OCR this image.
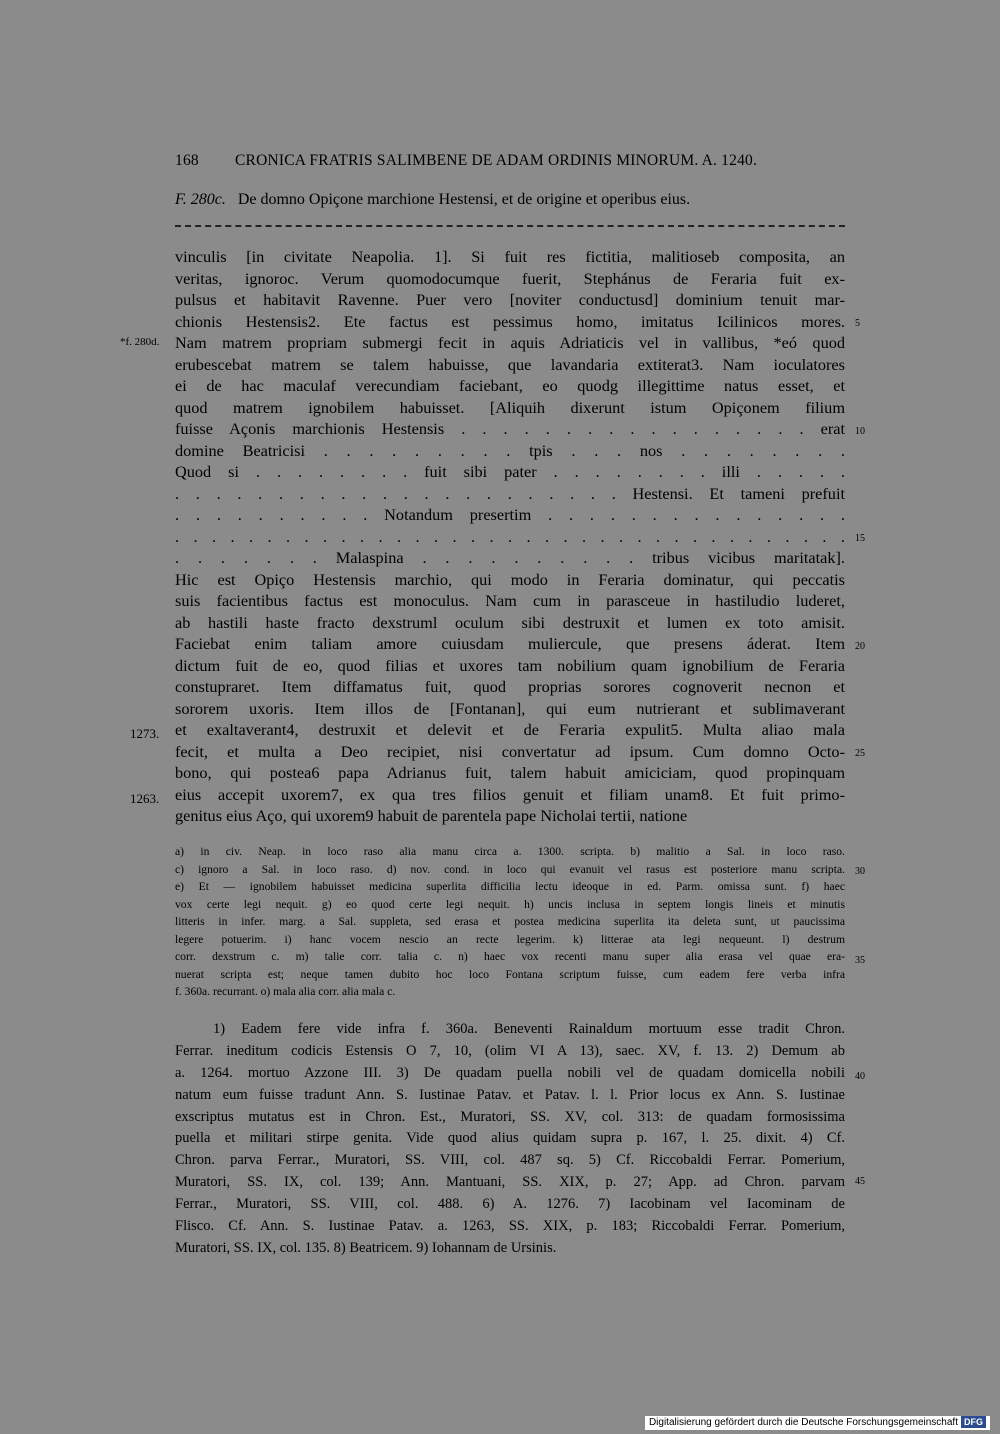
168 CRONICA FRATRIS SALIMBENE DE ADAM ORDINIS MINORUM. A. 1240.
F. 280c. De domno Opiçone marchione Hestensi, et de origine et operibus eius.
vinculis [in civitate Neapolia. 1]. Si fuit res fictitia, malitioseb composita, an
veritas, ignoroc. Verum quomodocumque fuerit, Stephánus de Feraria fuit ex-
pulsus et habitavit Ravenne. Puer vero [noviter conductusd] dominium tenuit mar-
chionis Hestensis2. Ete factus est pessimus homo, imitatus Icilinicos mores.
Nam matrem propriam submergi fecit in aquis Adriaticis vel in vallibus, *eó quod
erubescebat matrem se talem habuisse, que lavandaria extiterat3. Nam ioculatores
ei de hac maculaf verecundiam faciebant, eo quodg illegittime natus esset, et
quod matrem ignobilem habuisset. [Aliquih dixerunt istum Opiçonem filium
fuisse Açonis marchionis Hestensis . . . . . . . . . . . . . . . . . erat
domine Beatricisi . . . . . . . . . tpis . . . nos . . . . . . . .
Quod si . . . . . . . . fuit sibi pater . . . . . . . . illi . . . . .
. . . . . . . . . . . . . . . . . . . . . . Hestensi. Et tameni prefuit
. . . . . . . . . . Notandum presertim . . . . . . . . . . . . . . .
. . . . . . . . . . . . . . . . . . . . . . . . . . . . . . . . . . . . .
. . . . . . . Malaspina . . . . . . . . . . tribus vicibus maritatak].
Hic est Opiço Hestensis marchio, qui modo in Feraria dominatur, qui peccatis
suis facientibus factus est monoculus. Nam cum in parasceue in hastiludio luderet,
ab hastili haste fracto dexstruml oculum sibi destruxit et lumen ex toto amisit.
Faciebat enim taliam amore cuiusdam muliercule, que presens áderat. Item
dictum fuit de eo, quod filias et uxores tam nobilium quam ignobilium de Feraria
constupraret. Item diffamatus fuit, quod proprias sorores cognoverit necnon et
sororem uxoris. Item illos de [Fontanan], qui eum nutrierant et sublimaverant
et exaltaverant4, destruxit et delevit et de Feraria expulit5. Multa aliao mala
fecit, et multa a Deo recipiet, nisi convertatur ad ipsum. Cum domno Octo-
bono, qui postea6 papa Adrianus fuit, talem habuit amiciciam, quod propinquam
eius accepit uxorem7, ex qua tres filios genuit et filiam unam8. Et fuit primo-
genitus eius Aço, qui uxorem9 habuit de parentela pape Nicholai tertii, natione
*f. 280d.
1273.
1263.
5
10
15
20
25
30
35
40
45
a) in civ. Neap. in loco raso alia manu circa a. 1300. scripta. b) malitio a Sal. in loco raso.
c) ignoro a Sal. in loco raso. d) nov. cond. in loco qui evanuit vel rasus est posteriore manu scripta.
e) Et — ignobilem habuisset medicina superlita difficilia lectu ideoque in ed. Parm. omissa sunt. f) haec
vox certe legi nequit. g) eo quod certe legi nequit. h) uncis inclusa in septem longis lineis et minutis
litteris in infer. marg. a Sal. suppleta, sed erasa et postea medicina superlita ita deleta sunt, ut paucissima
legere potuerim. i) hanc vocem nescio an recte legerim. k) litterae ata legi nequeunt. l) destrum
corr. dexstrum c. m) talie corr. talia c. n) haec vox recenti manu super alia erasa vel quae era-
nuerat scripta est; neque tamen dubito hoc loco Fontana scriptum fuisse, cum eadem fere verba infra
f. 360a. recurrant. o) mala alia corr. alia mala c.
1) Eadem fere vide infra f. 360a. Beneventi Rainaldum mortuum esse tradit Chron.
Ferrar. ineditum codicis Estensis O 7, 10, (olim VI A 13), saec. XV, f. 13. 2) Demum ab
a. 1264. mortuo Azzone III. 3) De quadam puella nobili vel de quadam domicella nobili
natum eum fuisse tradunt Ann. S. Iustinae Patav. et Patav. l. l. Prior locus ex Ann. S. Iustinae
exscriptus mutatus est in Chron. Est., Muratori, SS. XV, col. 313: de quadam formosissima
puella et militari stirpe genita. Vide quod alius quidam supra p. 167, l. 25. dixit. 4) Cf.
Chron. parva Ferrar., Muratori, SS. VIII, col. 487 sq. 5) Cf. Riccobaldi Ferrar. Pomerium,
Muratori, SS. IX, col. 139; Ann. Mantuani, SS. XIX, p. 27; App. ad Chron. parvam
Ferrar., Muratori, SS. VIII, col. 488. 6) A. 1276. 7) Iacobinam vel Iacominam de
Flisco. Cf. Ann. S. Iustinae Patav. a. 1263, SS. XIX, p. 183; Riccobaldi Ferrar. Pomerium,
Muratori, SS. IX, col. 135. 8) Beatricem. 9) Iohannam de Ursinis.
Digitalisierung gefördert durch die Deutsche Forschungsgemeinschaft DFG
